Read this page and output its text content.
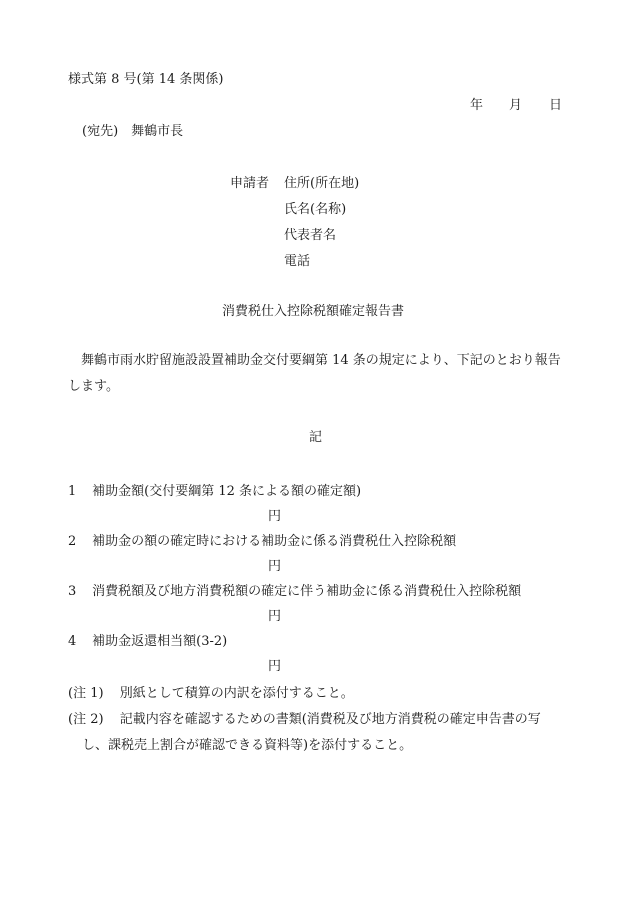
様式第 8 号(第 14 条関係)
年 月 日
(宛先)　舞鶴市長
申請者 住所(所在地)
氏名(名称)
代表者名
電話
消費税仕入控除税額確定報告書
舞鶴市雨水貯留施設設置補助金交付要綱第 14 条の規定により、下記のとおり報告します。
記
1 補助金額(交付要綱第 12 条による額の確定額)
円
2 補助金の額の確定時における補助金に係る消費税仕入控除税額
円
3 消費税額及び地方消費税額の確定に伴う補助金に係る消費税仕入控除税額
円
4 補助金返還相当額(3-2)
円
(注 1) 別紙として積算の内訳を添付すること。
(注 2) 記載内容を確認するための書類(消費税及び地方消費税の確定申告書の写
し、課税売上割合が確認できる資料等)を添付すること。
